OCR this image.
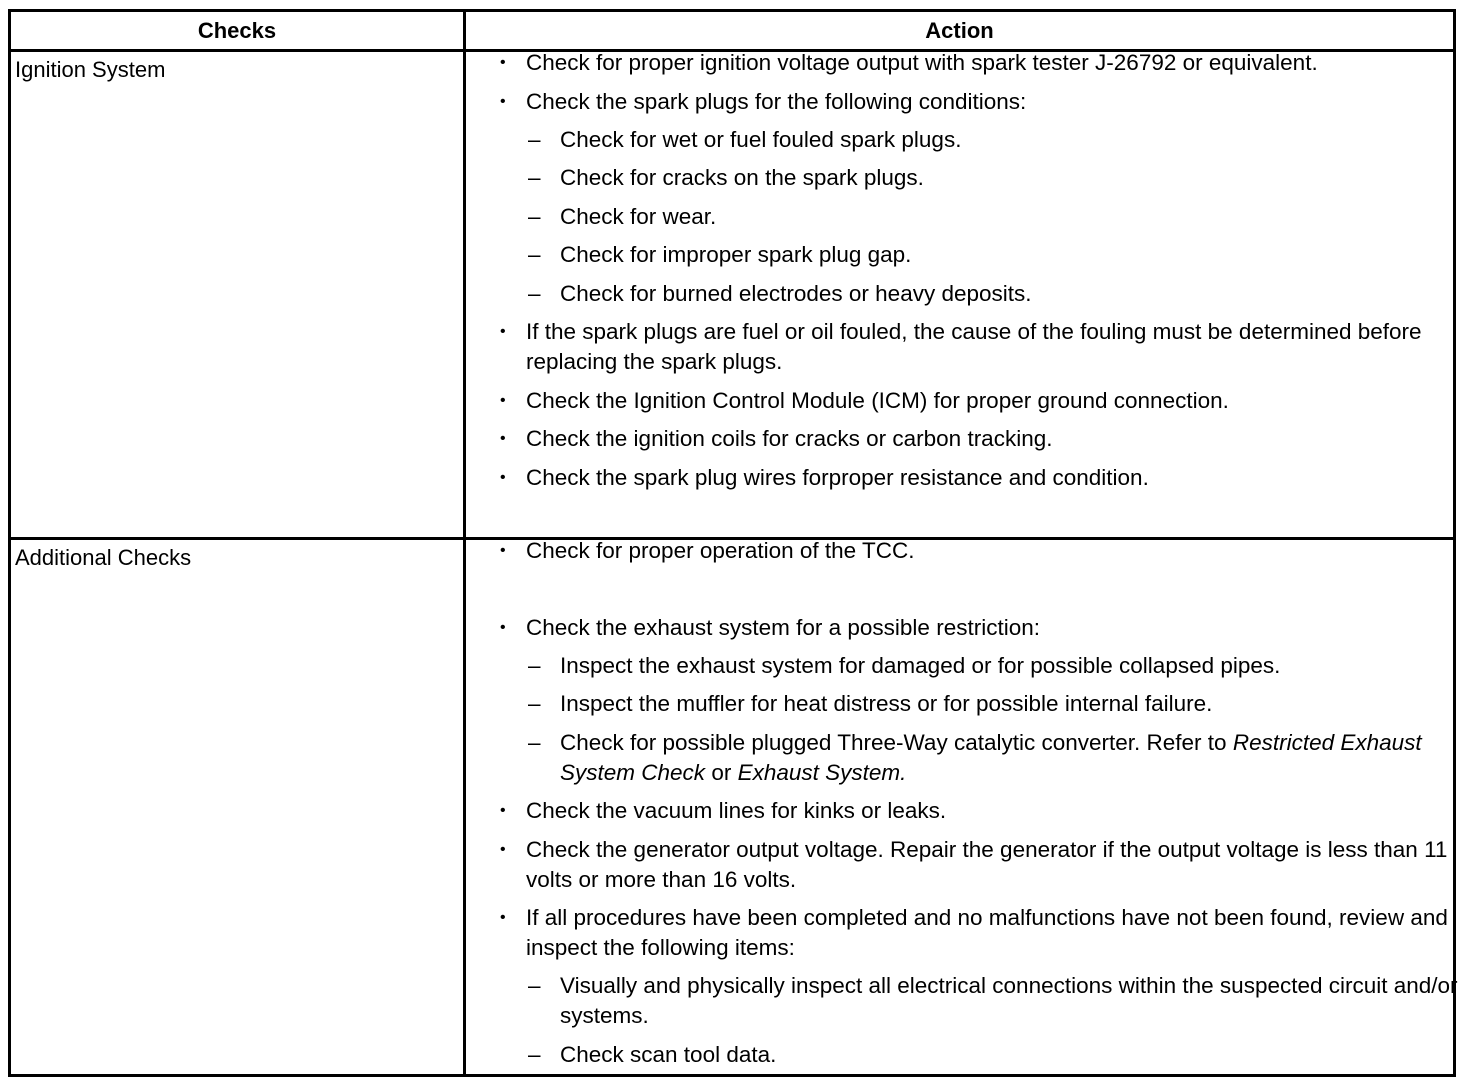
Checks	Action
Ignition System
Additional Checks
• Check for proper ignition voltage output with spark tester J-26792 or equivalent.
• Check the spark plugs for the following conditions:
– Check for wet or fuel fouled spark plugs.
– Check for cracks on the spark plugs.
– Check for wear.
– Check for improper spark plug gap.
– Check for burned electrodes or heavy deposits.
• If the spark plugs are fuel or oil fouled, the cause of the fouling must be determined before replacing the spark plugs.
• Check the Ignition Control Module (ICM) for proper ground connection.
• Check the ignition coils for cracks or carbon tracking.
• Check the spark plug wires forproper resistance and condition.
• Check for proper operation of the TCC.
• Check the exhaust system for a possible restriction:
– Inspect the exhaust system for damaged or for possible collapsed pipes.
– Inspect the muffler for heat distress or for possible internal failure.
– Check for possible plugged Three-Way catalytic converter. Refer to Restricted Exhaust System Check or Exhaust System.
• Check the vacuum lines for kinks or leaks.
• Check the generator output voltage. Repair the generator if the output voltage is less than 11 volts or more than 16 volts.
• If all procedures have been completed and no malfunctions have not been found, review and inspect the following items:
– Visually and physically inspect all electrical connections within the suspected circuit and/or systems.
– Check scan tool data.
